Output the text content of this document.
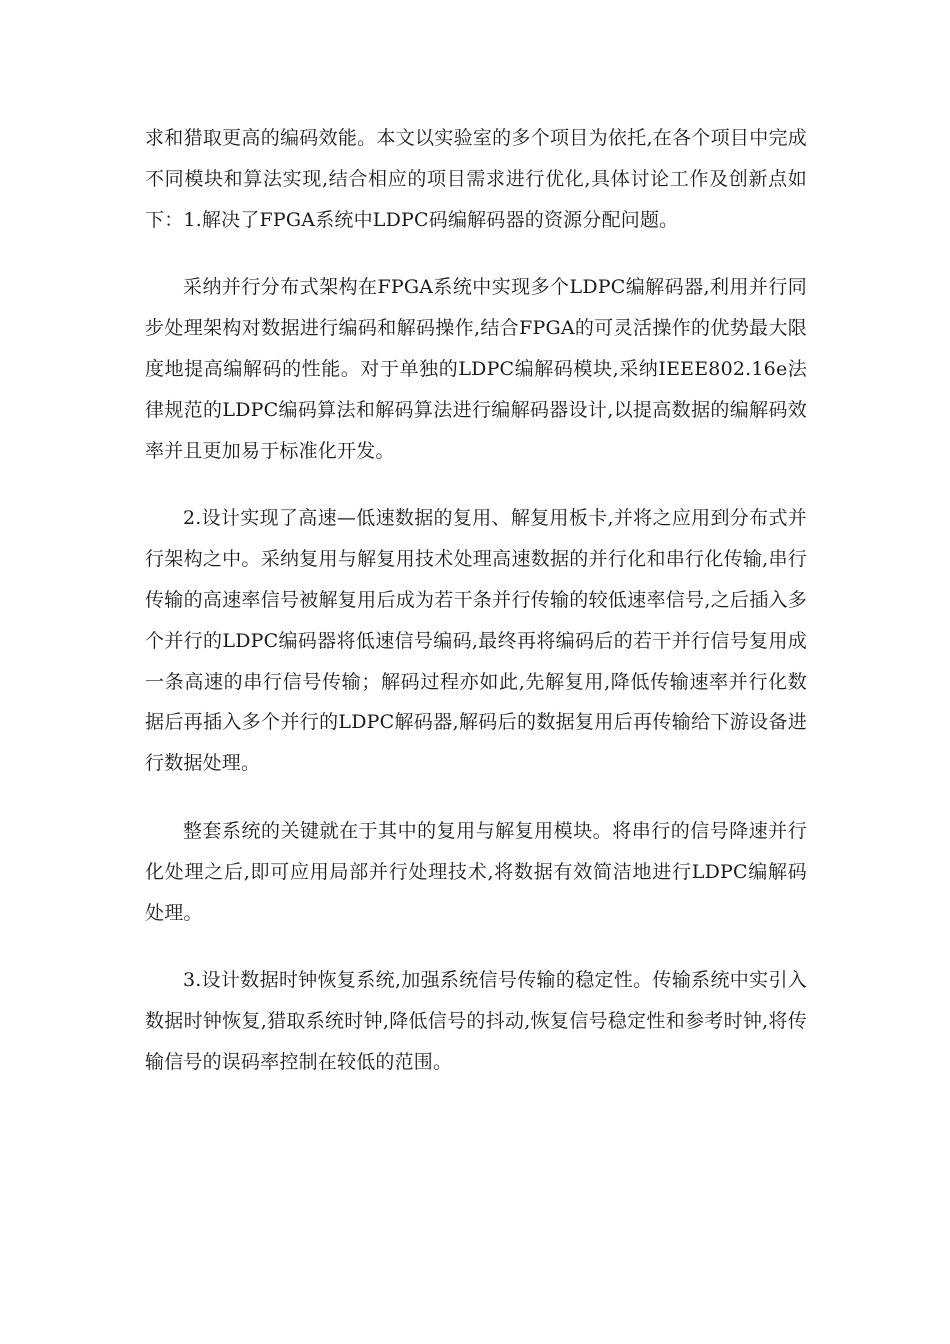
求和猎取更高的编码效能。本文以实验室的多个项目为依托,在各个项目中完成不同模块和算法实现,结合相应的项目需求进行优化,具体讨论工作及创新点如下：1.解决了FPGA系统中LDPC码编解码器的资源分配问题。

采纳并行分布式架构在FPGA系统中实现多个LDPC编解码器,利用并行同步处理架构对数据进行编码和解码操作,结合FPGA的可灵活操作的优势最大限度地提高编解码的性能。对于单独的LDPC编解码模块,采纳IEEE802.16e法律规范的LDPC编码算法和解码算法进行编解码器设计,以提高数据的编解码效率并且更加易于标准化开发。

2.设计实现了高速—低速数据的复用、解复用板卡,并将之应用到分布式并行架构之中。采纳复用与解复用技术处理高速数据的并行化和串行化传输,串行传输的高速率信号被解复用后成为若干条并行传输的较低速率信号,之后插入多个并行的LDPC编码器将低速信号编码,最终再将编码后的若干并行信号复用成一条高速的串行信号传输；解码过程亦如此,先解复用,降低传输速率并行化数据后再插入多个并行的LDPC解码器,解码后的数据复用后再传输给下游设备进行数据处理。

整套系统的关键就在于其中的复用与解复用模块。将串行的信号降速并行化处理之后,即可应用局部并行处理技术,将数据有效简洁地进行LDPC编解码处理。

3.设计数据时钟恢复系统,加强系统信号传输的稳定性。传输系统中实引入数据时钟恢复,猎取系统时钟,降低信号的抖动,恢复信号稳定性和参考时钟,将传输信号的误码率控制在较低的范围。
